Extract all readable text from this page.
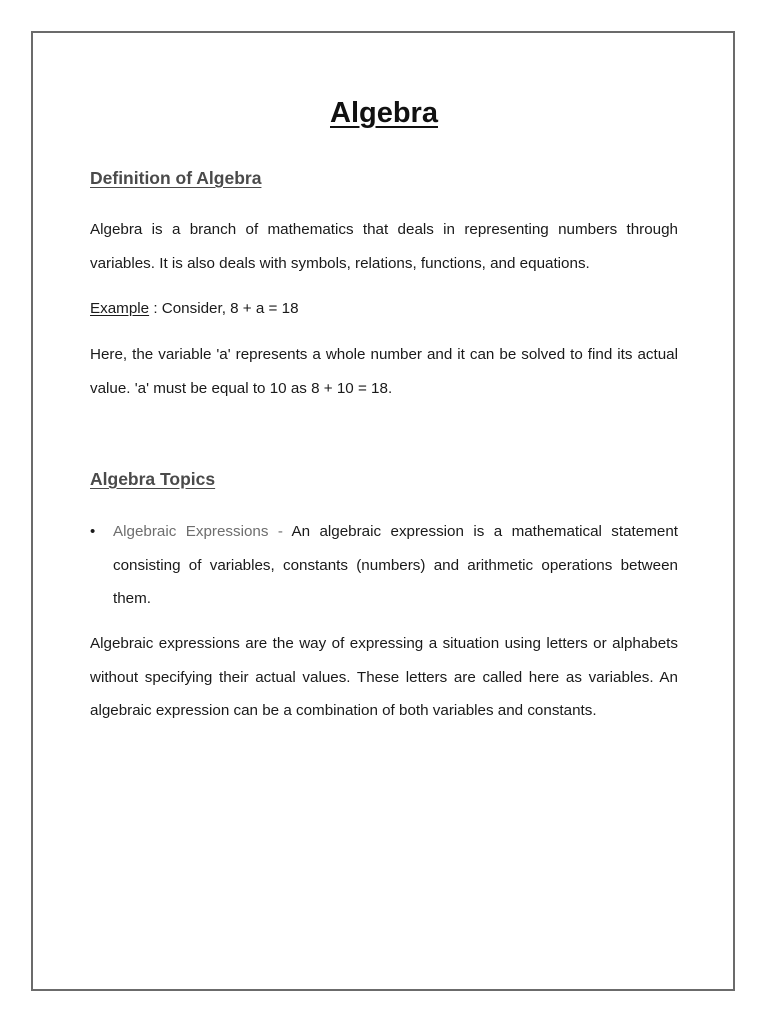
Algebra
Definition of Algebra

Algebra is a branch of mathematics that deals in representing numbers through variables. It is also deals with symbols, relations, functions, and equations.

Example : Consider, 8 + a = 18

Here, the variable 'a' represents a whole number and it can be solved to find its actual value. 'a' must be equal to 10 as 8 + 10 = 18.

Algebra Topics
• Algebraic Expressions - An algebraic expression is a mathematical statement consisting of variables, constants (numbers) and arithmetic operations between them.

Algebraic expressions are the way of expressing a situation using letters or alphabets without specifying their actual values. These letters are called here as variables. An algebraic expression can be a combination of both variables and constants.
